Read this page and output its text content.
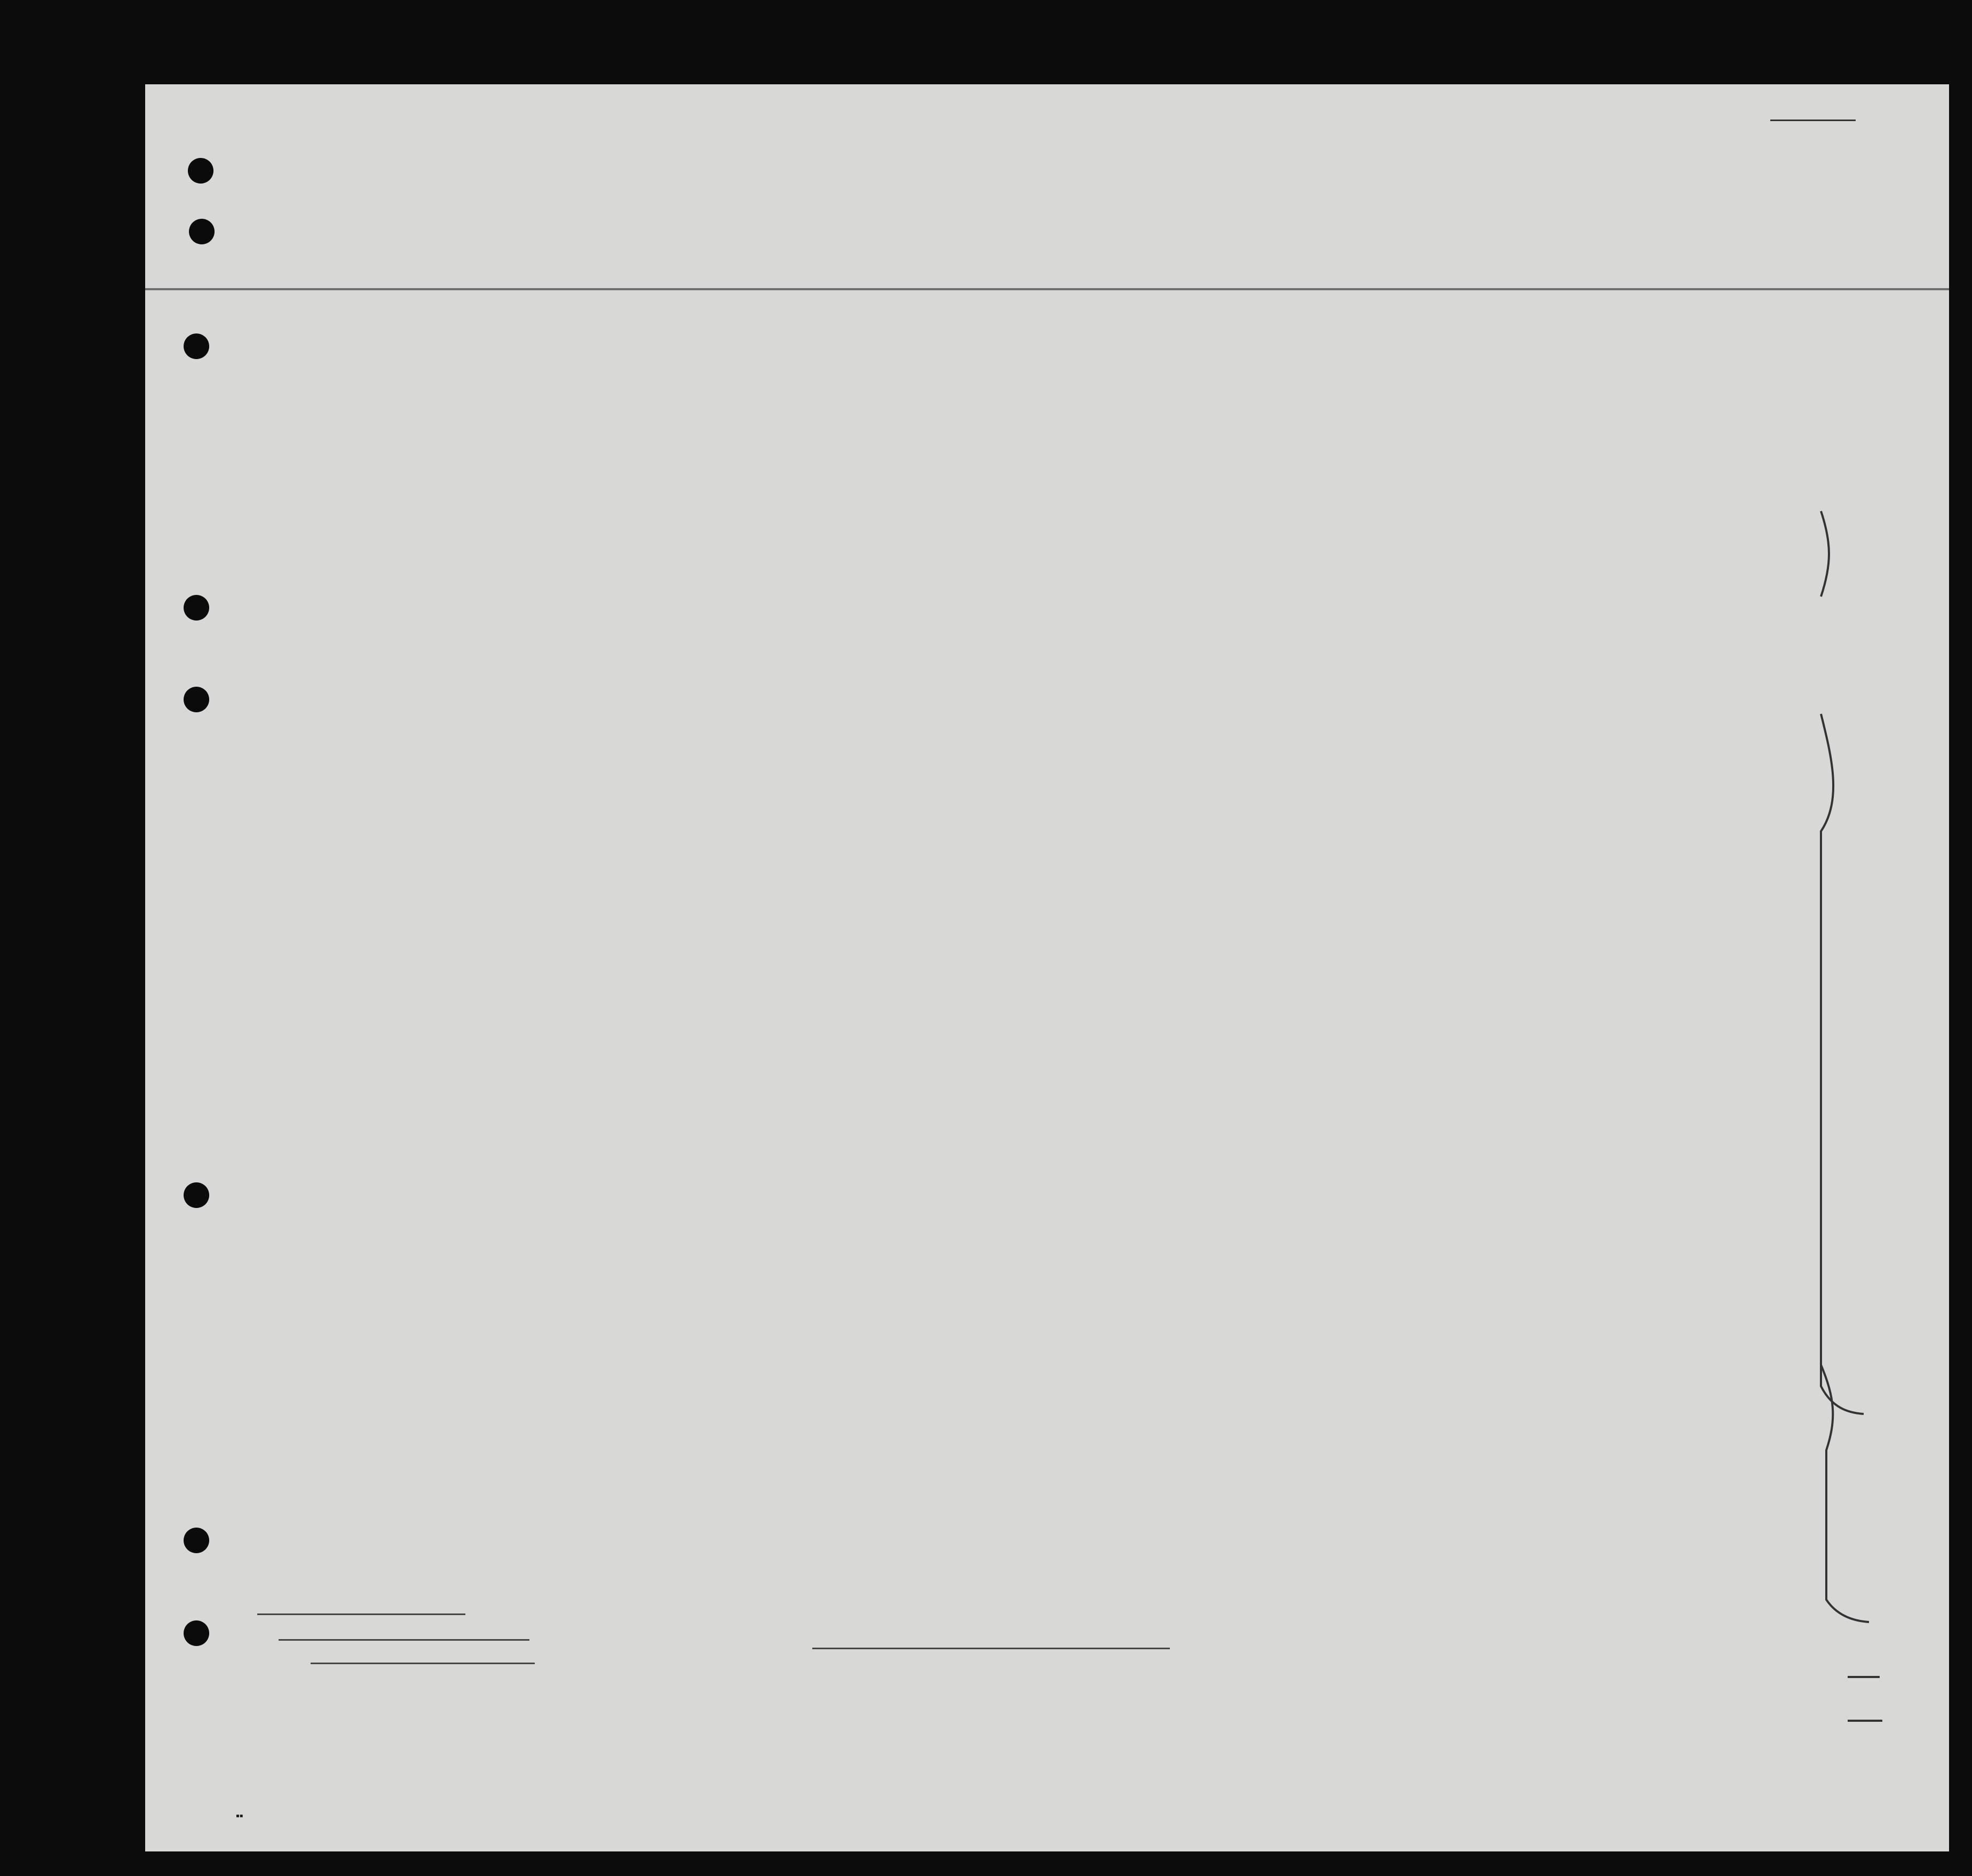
▪▪
